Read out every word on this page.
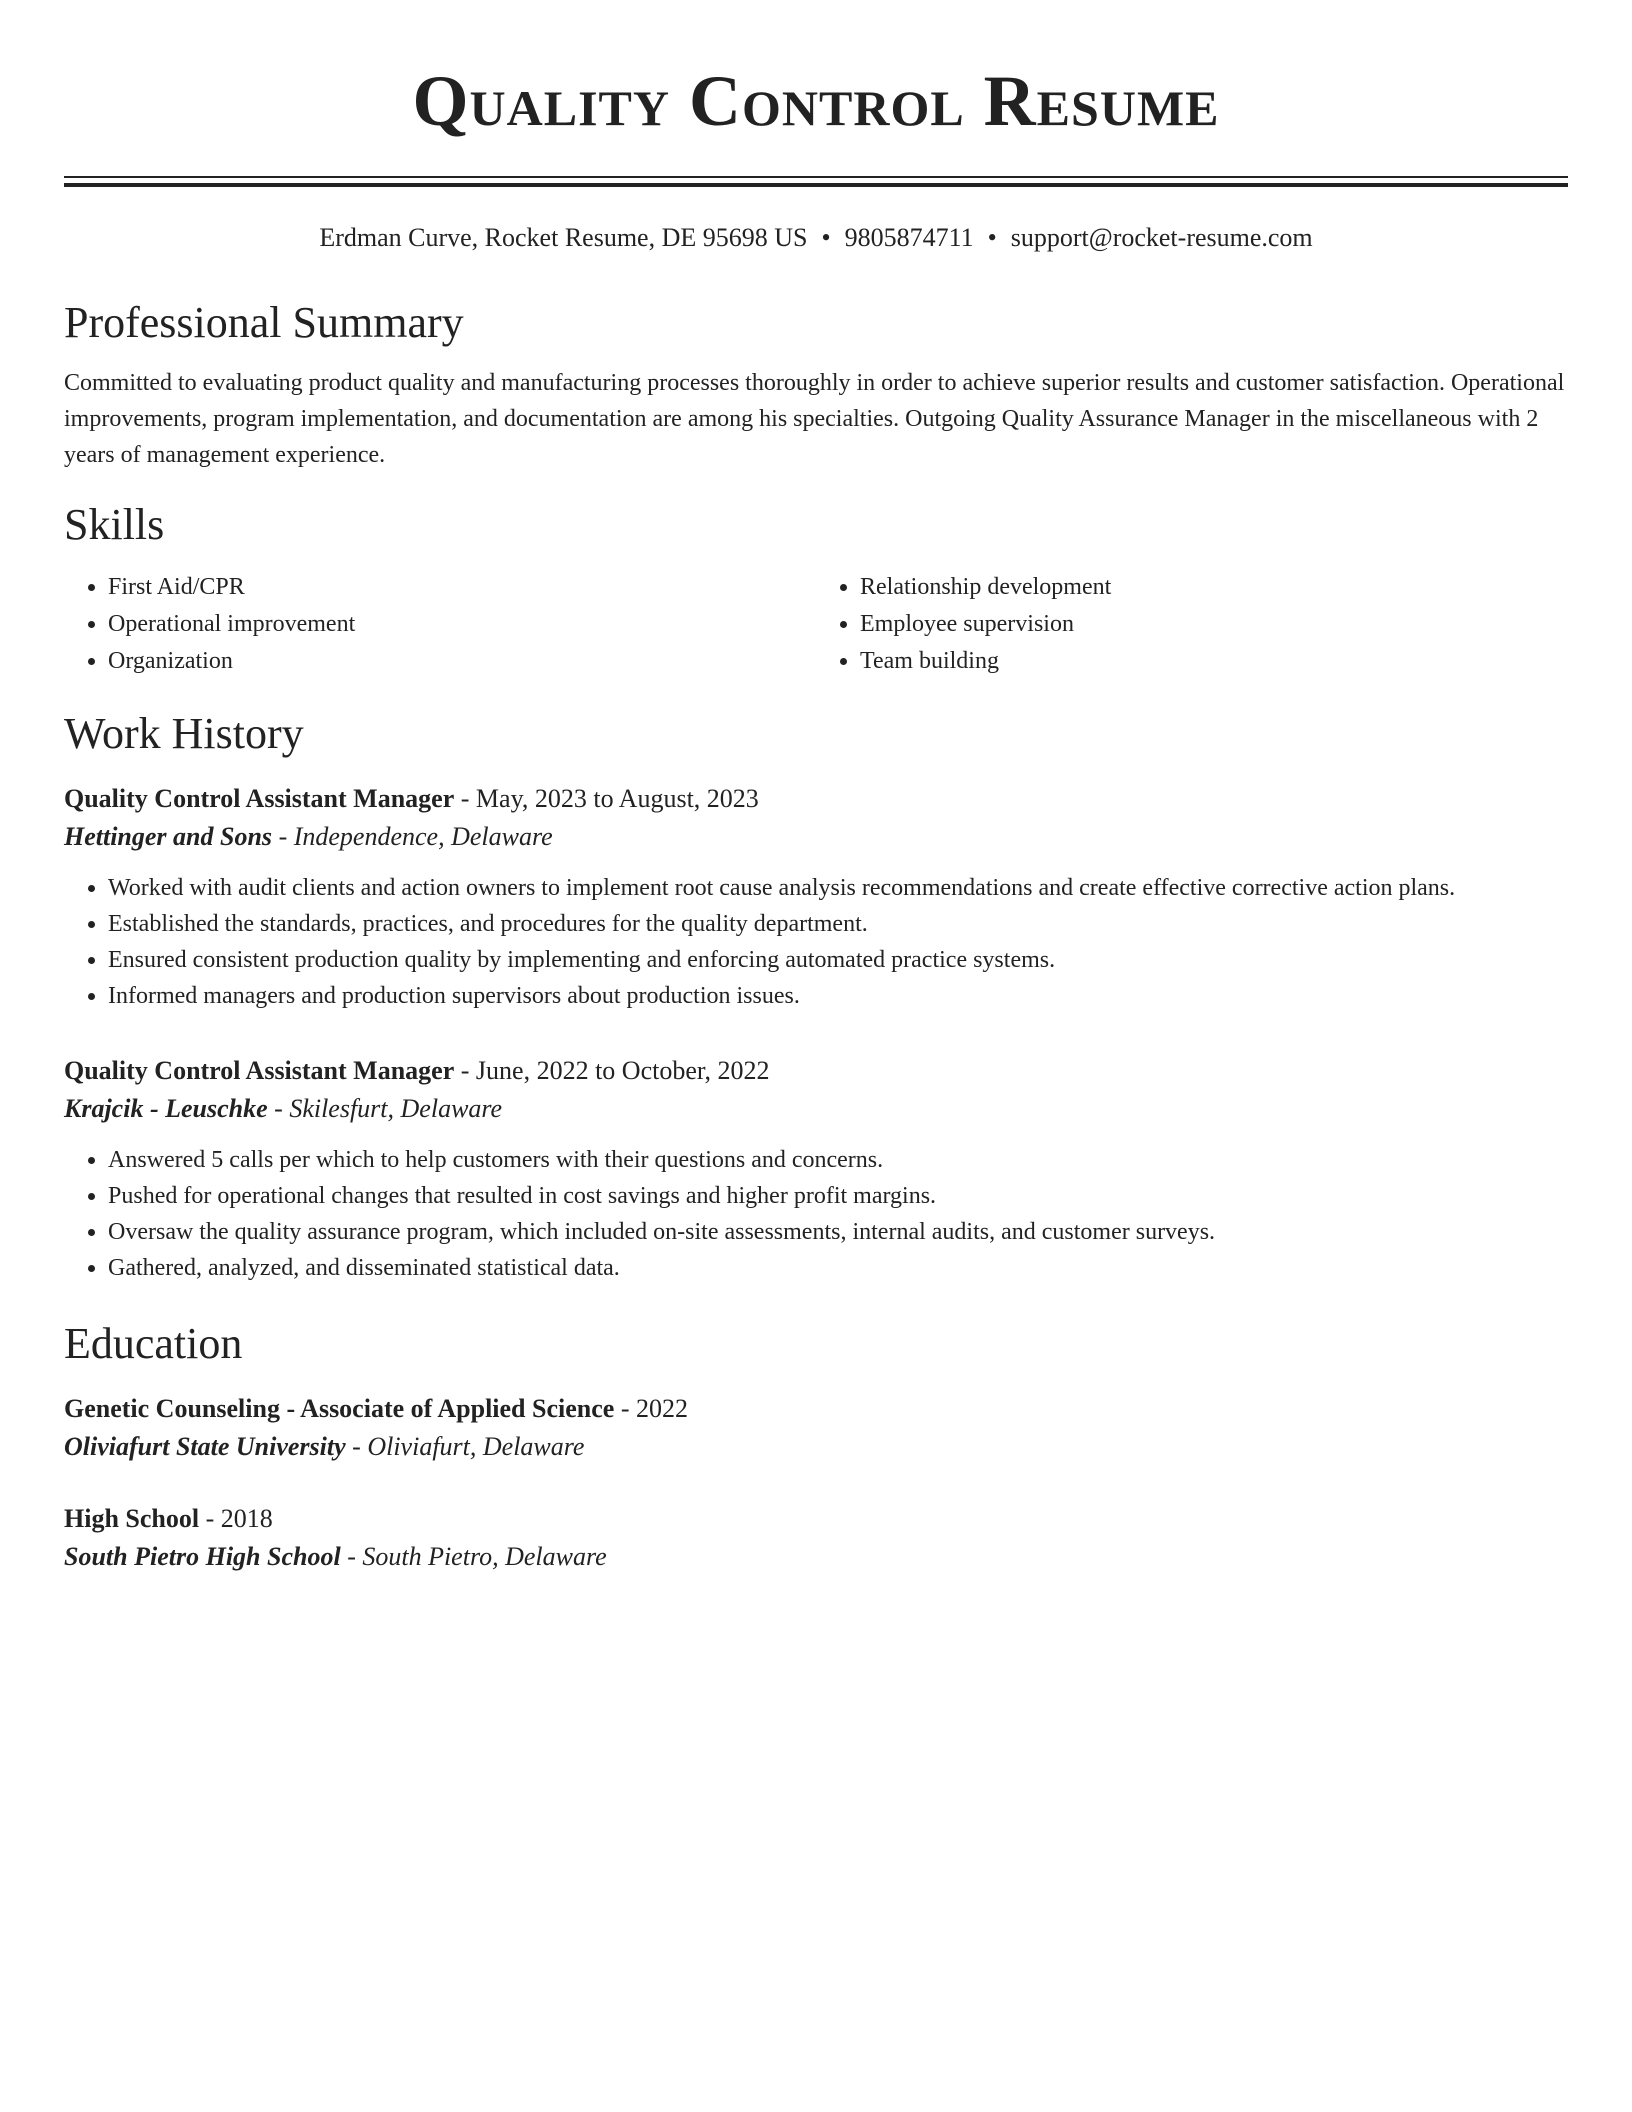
Quality Control Resume
Erdman Curve, Rocket Resume, DE 95698 US • 9805874711 • support@rocket-resume.com
Professional Summary

Committed to evaluating product quality and manufacturing processes thoroughly in order to achieve superior results and customer satisfaction. Operational improvements, program implementation, and documentation are among his specialties. Outgoing Quality Assurance Manager in the miscellaneous with 2 years of management experience.

Skills
• First Aid/CPR
• Operational improvement
• Organization
• Relationship development
• Employee supervision
• Team building
Work History
Quality Control Assistant Manager - May, 2023 to August, 2023
Hettinger and Sons - Independence, Delaware
• Worked with audit clients and action owners to implement root cause analysis recommendations and create effective corrective action plans.
• Established the standards, practices, and procedures for the quality department.
• Ensured consistent production quality by implementing and enforcing automated practice systems.
• Informed managers and production supervisors about production issues.
Quality Control Assistant Manager - June, 2022 to October, 2022
Krajcik - Leuschke - Skilesfurt, Delaware
• Answered 5 calls per which to help customers with their questions and concerns.
• Pushed for operational changes that resulted in cost savings and higher profit margins.
• Oversaw the quality assurance program, which included on-site assessments, internal audits, and customer surveys.
• Gathered, analyzed, and disseminated statistical data.
Education
Genetic Counseling - Associate of Applied Science - 2022
Oliviafurt State University - Oliviafurt, Delaware
High School - 2018
South Pietro High School - South Pietro, Delaware
